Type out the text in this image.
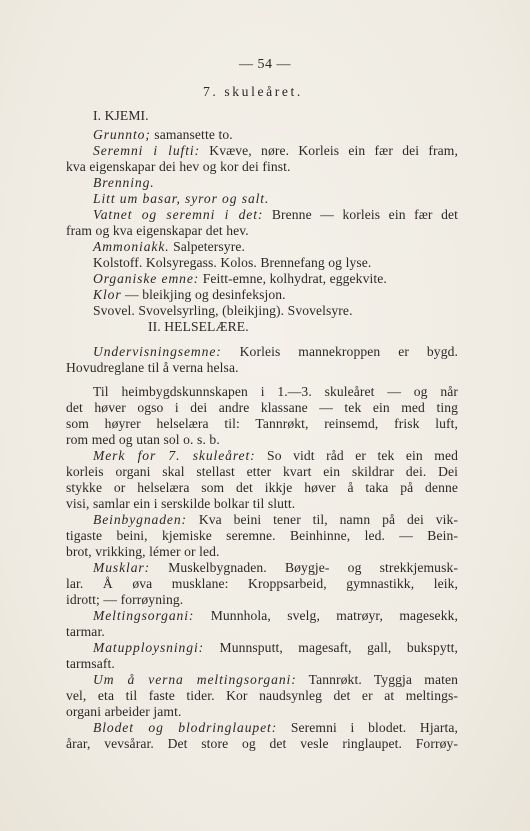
— 54 —
7. skuleåret.
I. KJEMI.
Grunnto; samansette to.
Seremni i lufti: Kvæve, nøre. Korleis ein fær dei fram,
kva eigenskapar dei hev og kor dei finst.
Brenning.
Litt um basar, syror og salt.
Vatnet og seremni i det: Brenne — korleis ein fær det
fram og kva eigenskapar det hev.
Ammoniakk. Salpetersyre.
Kolstoff. Kolsyregass. Kolos. Brennefang og lyse.
Organiske emne: Feitt-emne, kolhydrat, eggekvite.
Klor — bleikjing og desinfeksjon.
Svovel. Svovelsyrling, (bleikjing). Svovelsyre.
II. HELSELÆRE.
Undervisningsemne: Korleis mannekroppen er bygd.
Hovudreglane til å verna helsa.
Til heimbygdskunnskapen i 1.—3. skuleåret — og når
det høver ogso i dei andre klassane — tek ein med ting
som høyrer helselæra til: Tannrøkt, reinsemd, frisk luft,
rom med og utan sol o. s. b.
Merk for 7. skuleåret: So vidt råd er tek ein med
korleis organi skal stellast etter kvart ein skildrar dei. Dei
stykke or helselæra som det ikkje høver å taka på denne
visi, samlar ein i serskilde bolkar til slutt.
Beinbygnaden: Kva beini tener til, namn på dei vik-
tigaste beini, kjemiske seremne. Beinhinne, led. — Bein-
brot, vrikking, lémer or led.
Musklar: Muskelbygnaden. Bøygje- og strekkjemusk-
lar. Å øva musklane: Kroppsarbeid, gymnastikk, leik,
idrott; — forrøyning.
Meltingsorgani: Munnhola, svelg, matrøyr, magesekk,
tarmar.
Matupploysningi: Munnsputt, magesaft, gall, bukspytt,
tarmsaft.
Um å verna meltingsorgani: Tannrøkt. Tyggja maten
vel, eta til faste tider. Kor naudsynleg det er at meltings-
organi arbeider jamt.
Blodet og blodringlaupet: Seremni i blodet. Hjarta,
årar, vevsårar. Det store og det vesle ringlaupet. Forrøy-
